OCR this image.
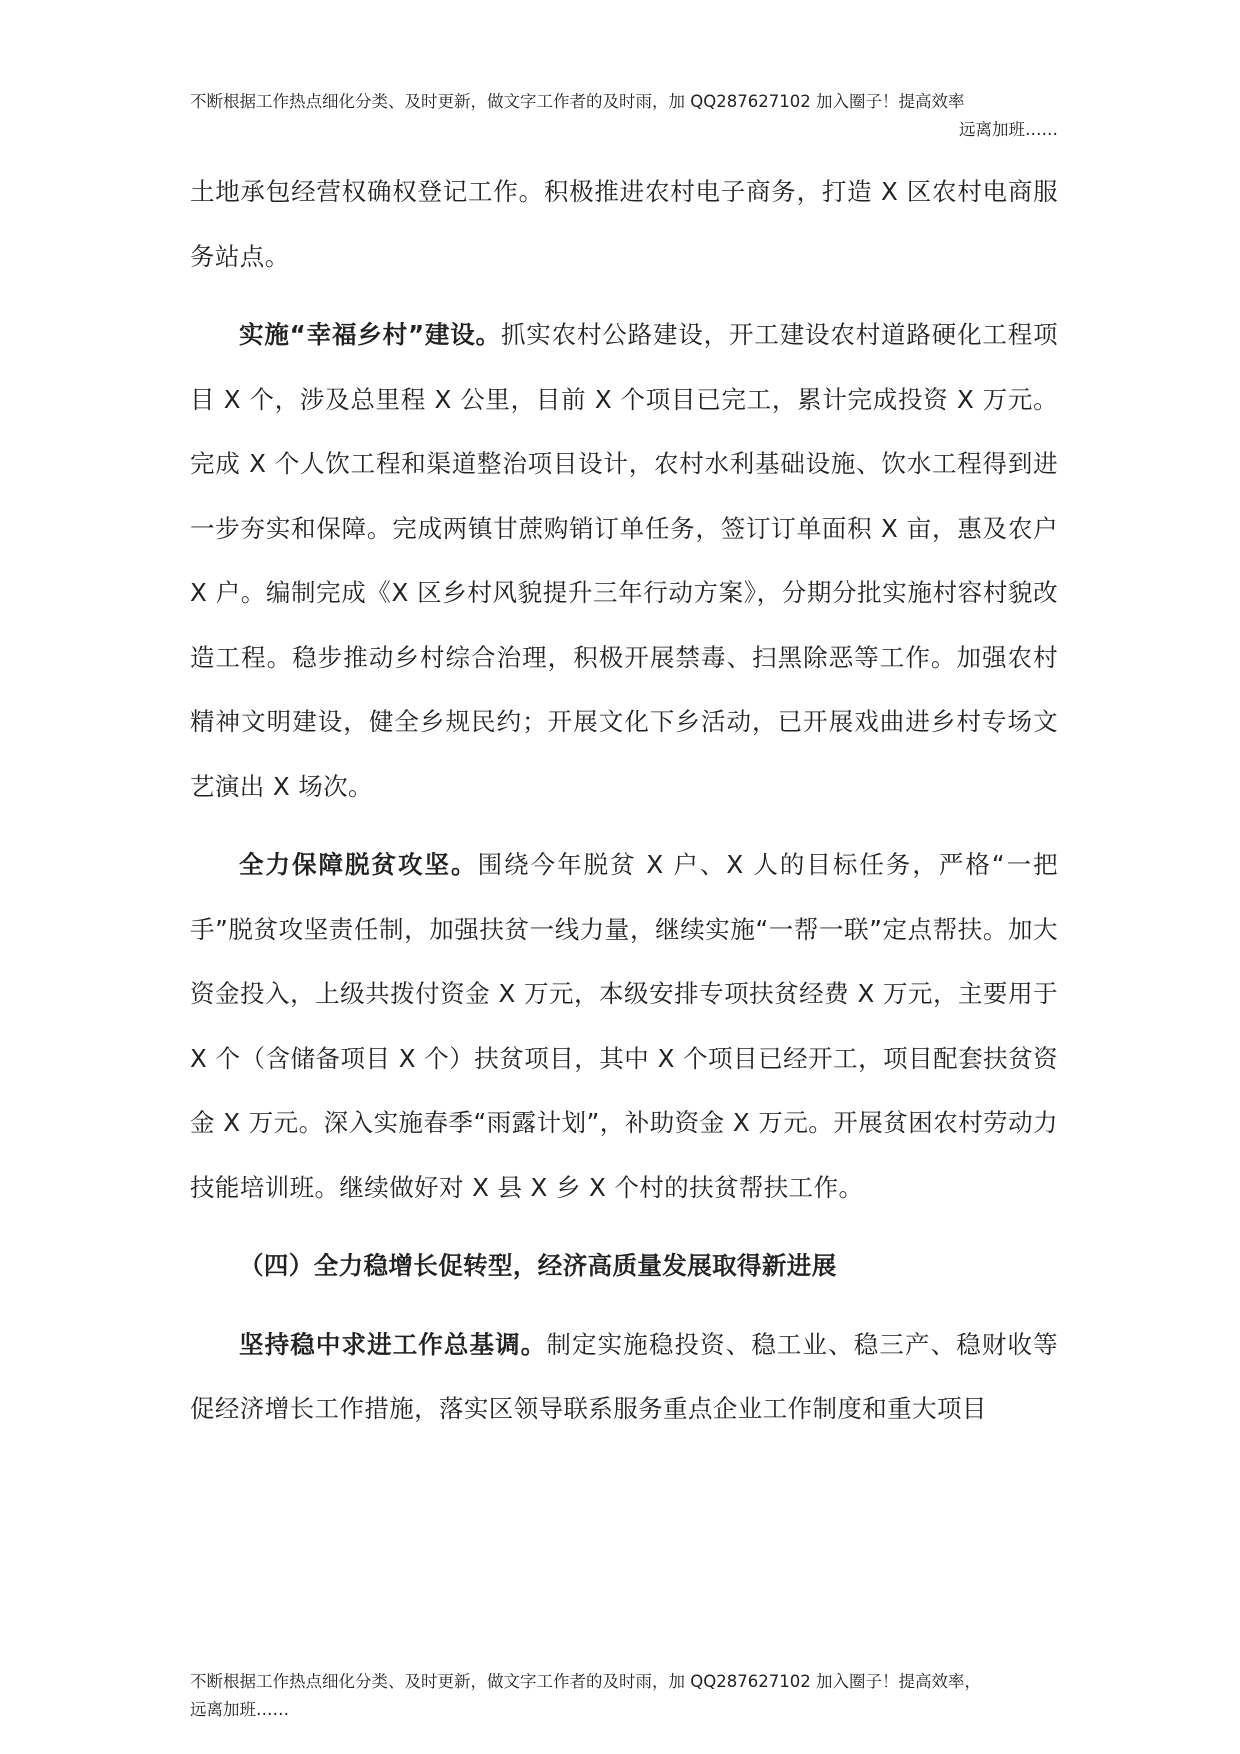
不断根据工作热点细化分类、及时更新，做文字工作者的及时雨，加 QQ287627102 加入圈子！提高效率
远离加班……

土地承包经营权确权登记工作。积极推进农村电子商务，打造 X 区农村电商服务站点。

实施“幸福乡村”建设。抓实农村公路建设，开工建设农村道路硬化工程项目 X 个，涉及总里程 X 公里，目前 X 个项目已完工，累计完成投资 X 万元。完成 X 个人饮工程和渠道整治项目设计，农村水利基础设施、饮水工程得到进一步夯实和保障。完成两镇甘蔗购销订单任务，签订订单面积 X 亩，惠及农户 X 户。编制完成《X 区乡村风貌提升三年行动方案》，分期分批实施村容村貌改造工程。稳步推动乡村综合治理，积极开展禁毒、扫黑除恶等工作。加强农村精神文明建设，健全乡规民约；开展文化下乡活动，已开展戏曲进乡村专场文艺演出 X 场次。

全力保障脱贫攻坚。围绕今年脱贫 X 户、X 人的目标任务，严格“一把手”脱贫攻坚责任制，加强扶贫一线力量，继续实施“一帮一联”定点帮扶。加大资金投入，上级共拨付资金 X 万元，本级安排专项扶贫经费 X 万元，主要用于 X 个（含储备项目 X 个）扶贫项目，其中 X 个项目已经开工，项目配套扶贫资金 X 万元。深入实施春季“雨露计划”，补助资金 X 万元。开展贫困农村劳动力技能培训班。继续做好对 X 县 X 乡 X 个村的扶贫帮扶工作。

（四）全力稳增长促转型，经济高质量发展取得新进展

坚持稳中求进工作总基调。制定实施稳投资、稳工业、稳三产、稳财收等促经济增长工作措施，落实区领导联系服务重点企业工作制度和重大项目

不断根据工作热点细化分类、及时更新，做文字工作者的及时雨，加 QQ287627102 加入圈子！提高效率，
远离加班……
